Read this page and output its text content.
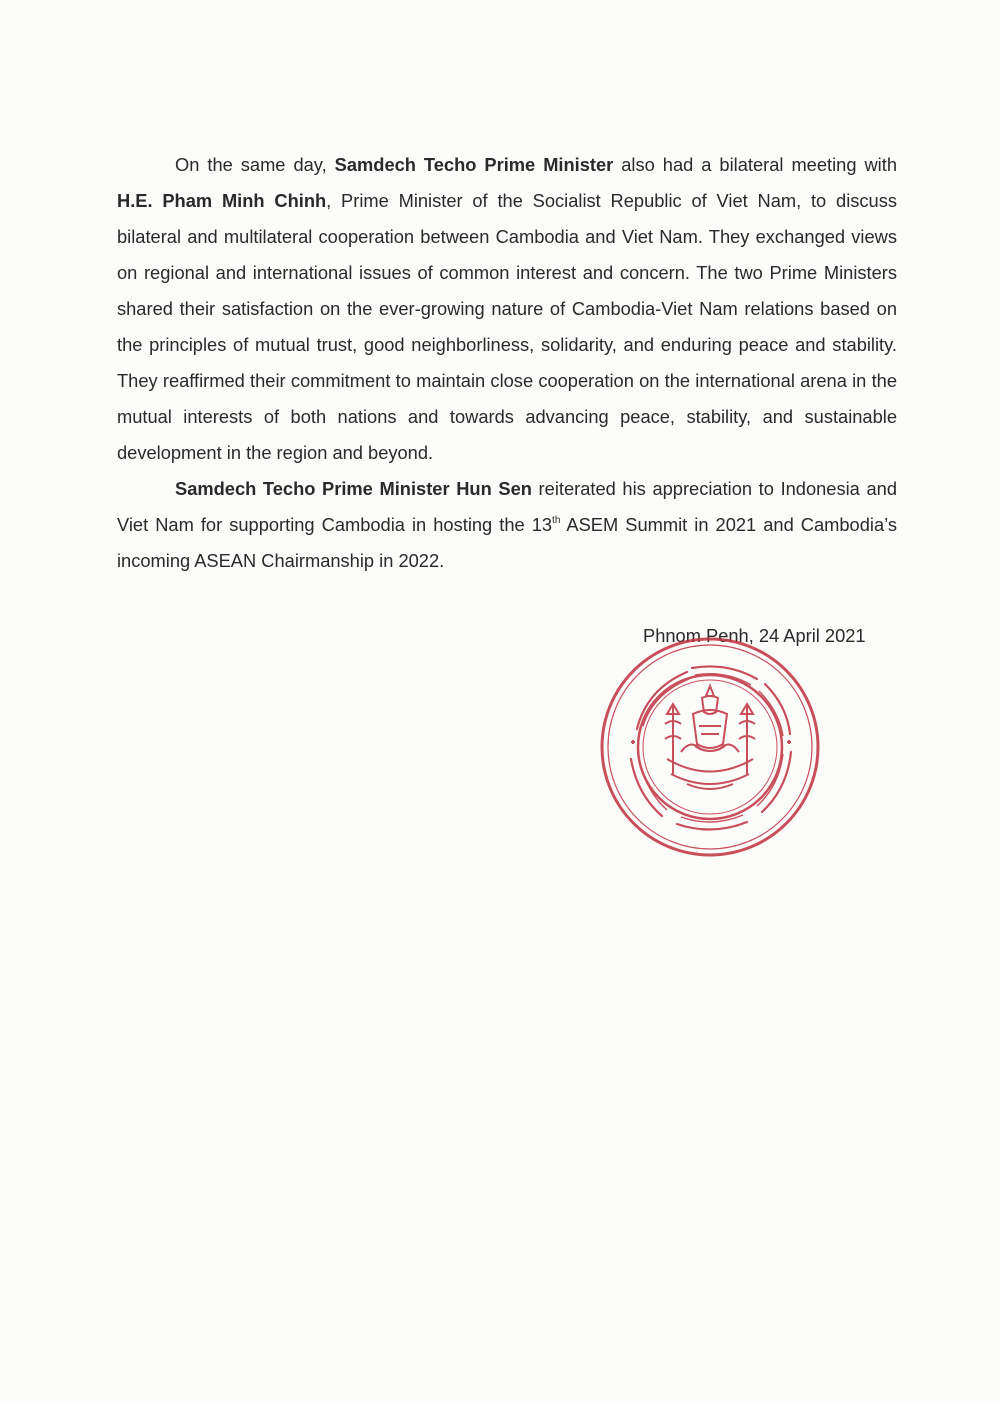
On the same day, Samdech Techo Prime Minister also had a bilateral meeting with H.E. Pham Minh Chinh, Prime Minister of the Socialist Republic of Viet Nam, to discuss bilateral and multilateral cooperation between Cambodia and Viet Nam. They exchanged views on regional and international issues of common interest and concern. The two Prime Ministers shared their satisfaction on the ever-growing nature of Cambodia-Viet Nam relations based on the principles of mutual trust, good neighborliness, solidarity, and enduring peace and stability. They reaffirmed their commitment to maintain close cooperation on the international arena in the mutual interests of both nations and towards advancing peace, stability, and sustainable development in the region and beyond.

Samdech Techo Prime Minister Hun Sen reiterated his appreciation to Indonesia and Viet Nam for supporting Cambodia in hosting the 13th ASEM Summit in 2021 and Cambodia’s incoming ASEAN Chairmanship in 2022.

Phnom Penh, 24 April 2021
